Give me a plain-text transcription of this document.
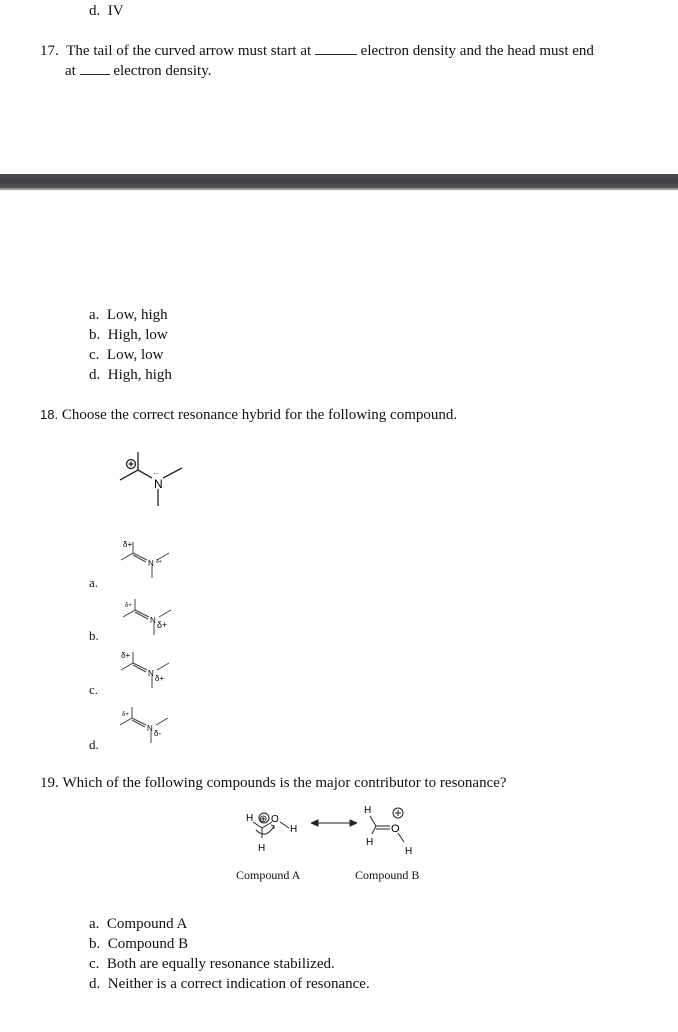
d. IV
17. The tail of the curved arrow must start at	electron density and the head must end
at	electron density.
a. Low, high
b. High, low
c. Low, low
d. High, high
18. Choose the correct resonance hybrid for the following compound.
··
N
δ+
N δ+
a.
δ+
N δ+
b.
δ+
N
δ+
c.
δ+
N
δ-
d.
19. Which of the following compounds is the major contributor to resonance?
H ⊕ O
H
H
H
O
H
H
Compound A	Compound B
a. Compound A
b. Compound B
c. Both are equally resonance stabilized.
d. Neither is a correct indication of resonance.
